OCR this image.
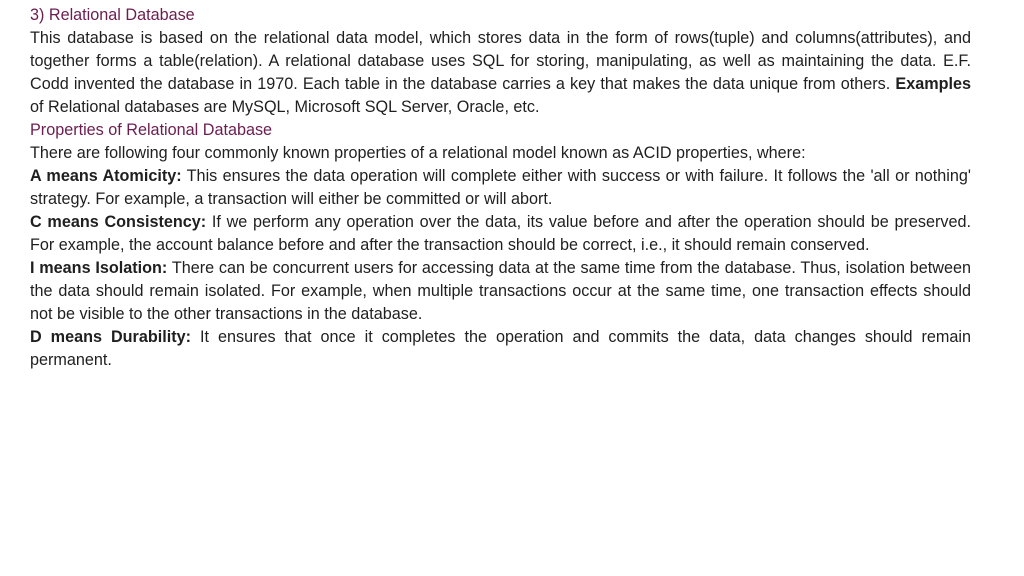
3) Relational Database

This database is based on the relational data model, which stores data in the form of rows(tuple) and columns(attributes), and together forms a table(relation). A relational database uses SQL for storing, manipulating, as well as maintaining the data. E.F. Codd invented the database in 1970. Each table in the database carries a key that makes the data unique from others. Examples of Relational databases are MySQL, Microsoft SQL Server, Oracle, etc.

Properties of Relational Database

There are following four commonly known properties of a relational model known as ACID properties, where:

A means Atomicity: This ensures the data operation will complete either with success or with failure. It follows the 'all or nothing' strategy. For example, a transaction will either be committed or will abort.

C means Consistency: If we perform any operation over the data, its value before and after the operation should be preserved. For example, the account balance before and after the transaction should be correct, i.e., it should remain conserved.

I means Isolation: There can be concurrent users for accessing data at the same time from the database. Thus, isolation between the data should remain isolated. For example, when multiple transactions occur at the same time, one transaction effects should not be visible to the other transactions in the database.

D means Durability: It ensures that once it completes the operation and commits the data, data changes should remain permanent.
